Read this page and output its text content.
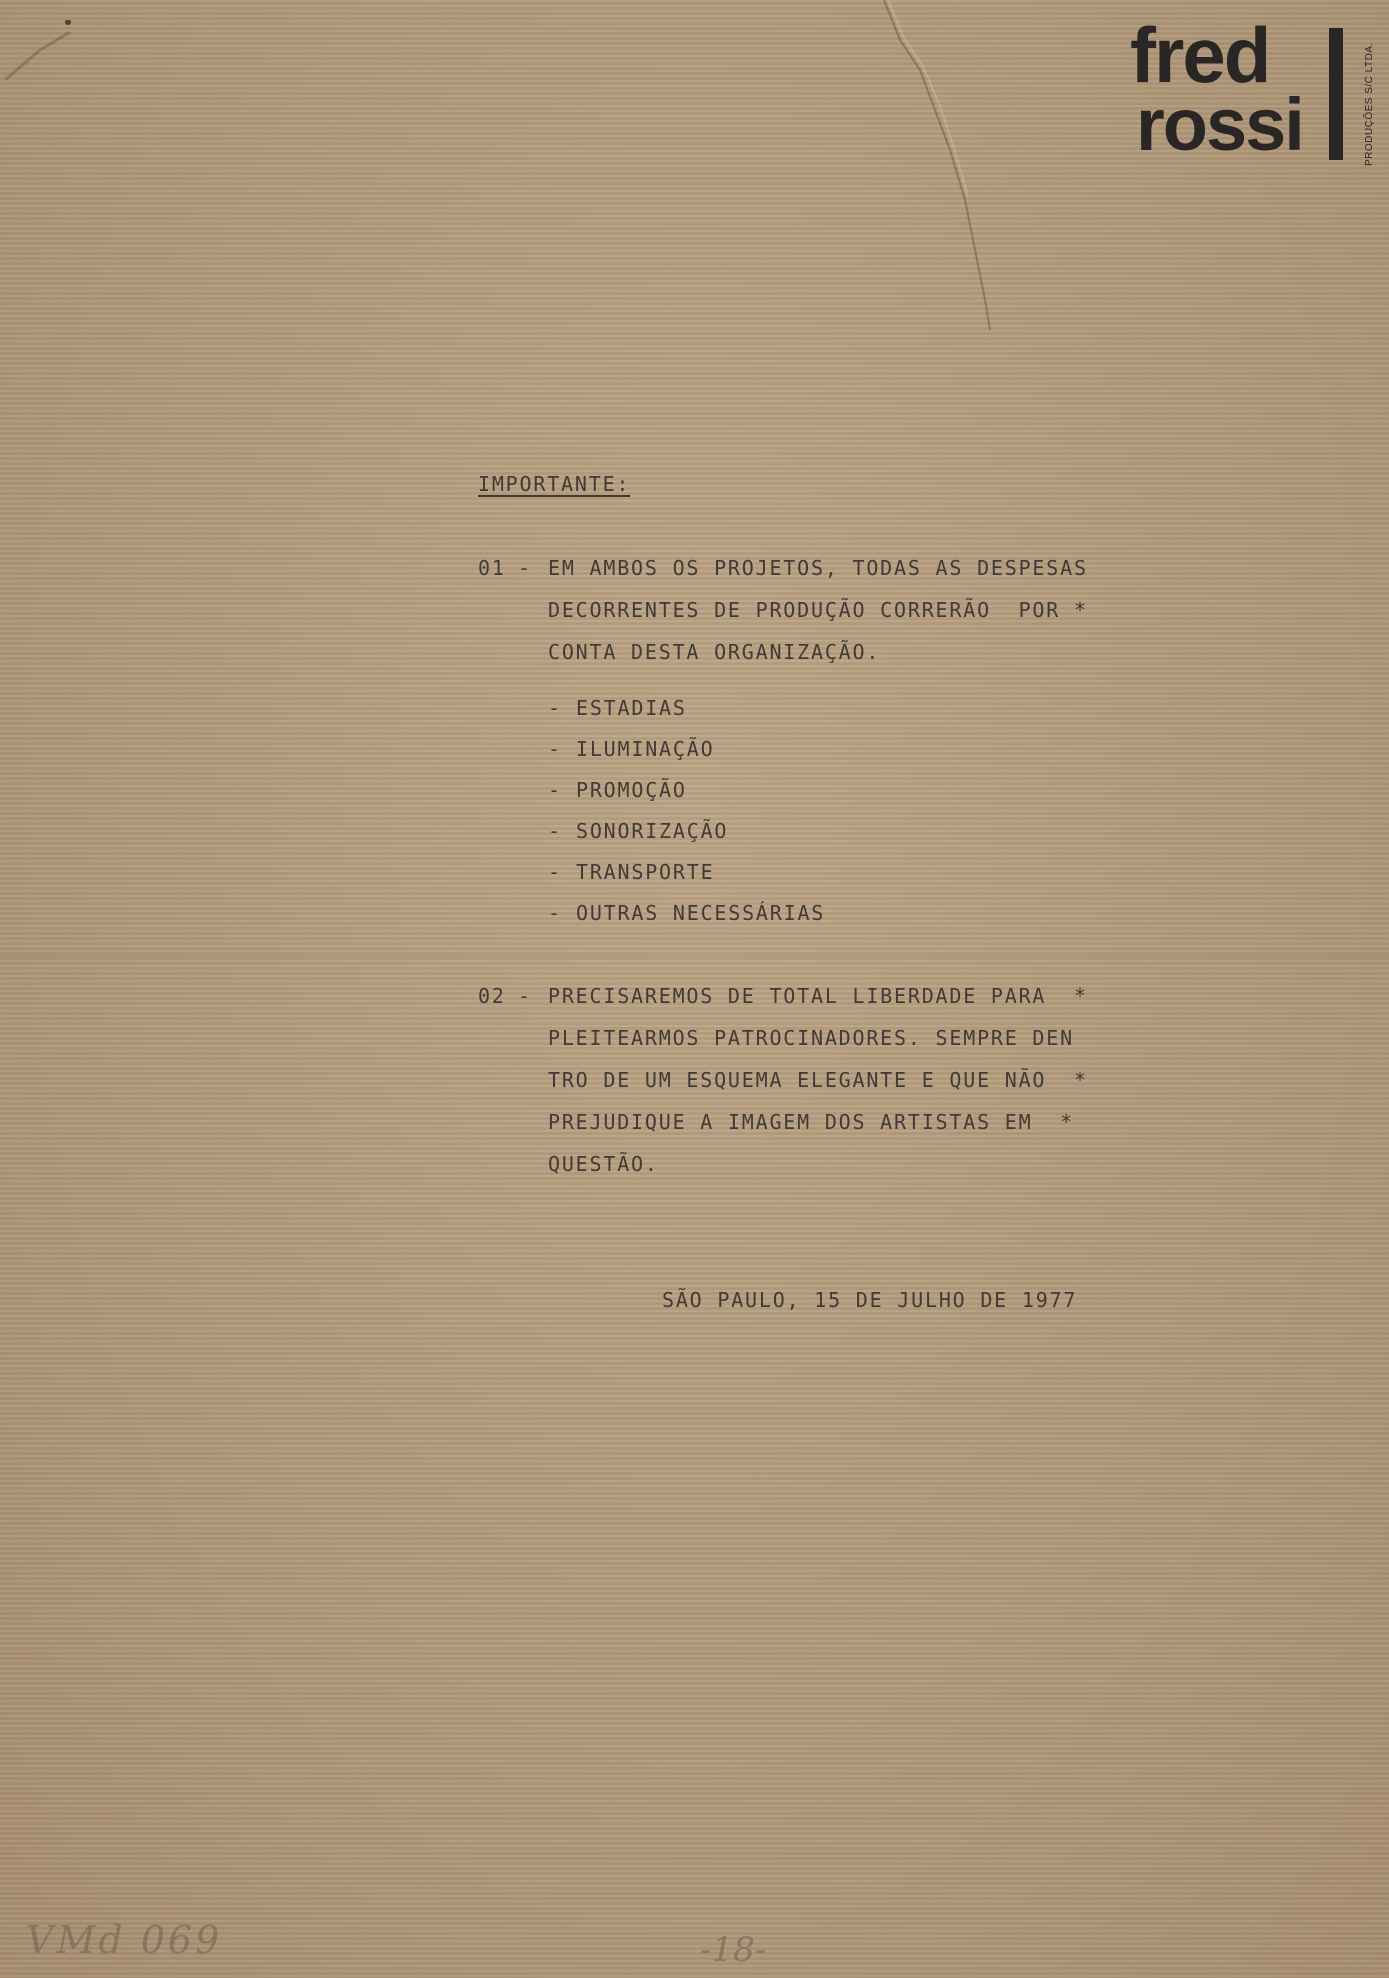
fred
rossi	PRODUÇÕES S/C LTDA.

IMPORTANTE:

01 - EM AMBOS OS PROJETOS, TODAS AS DESPESAS

DECORRENTES DE PRODUÇÃO CORRERÃO  POR *

CONTA DESTA ORGANIZAÇÃO.

- ESTADIAS

- ILUMINAÇÃO

- PROMOÇÃO

- SONORIZAÇÃO

- TRANSPORTE

- OUTRAS NECESSÁRIAS

02 - PRECISAREMOS DE TOTAL LIBERDADE PARA  *

PLEITEARMOS PATROCINADORES. SEMPRE DEN

TRO DE UM ESQUEMA ELEGANTE E QUE NÃO  *

PREJUDIQUE A IMAGEM DOS ARTISTAS EM  *

QUESTÃO.

SÃO PAULO, 15 DE JULHO DE 1977

VMd 069	-18-
